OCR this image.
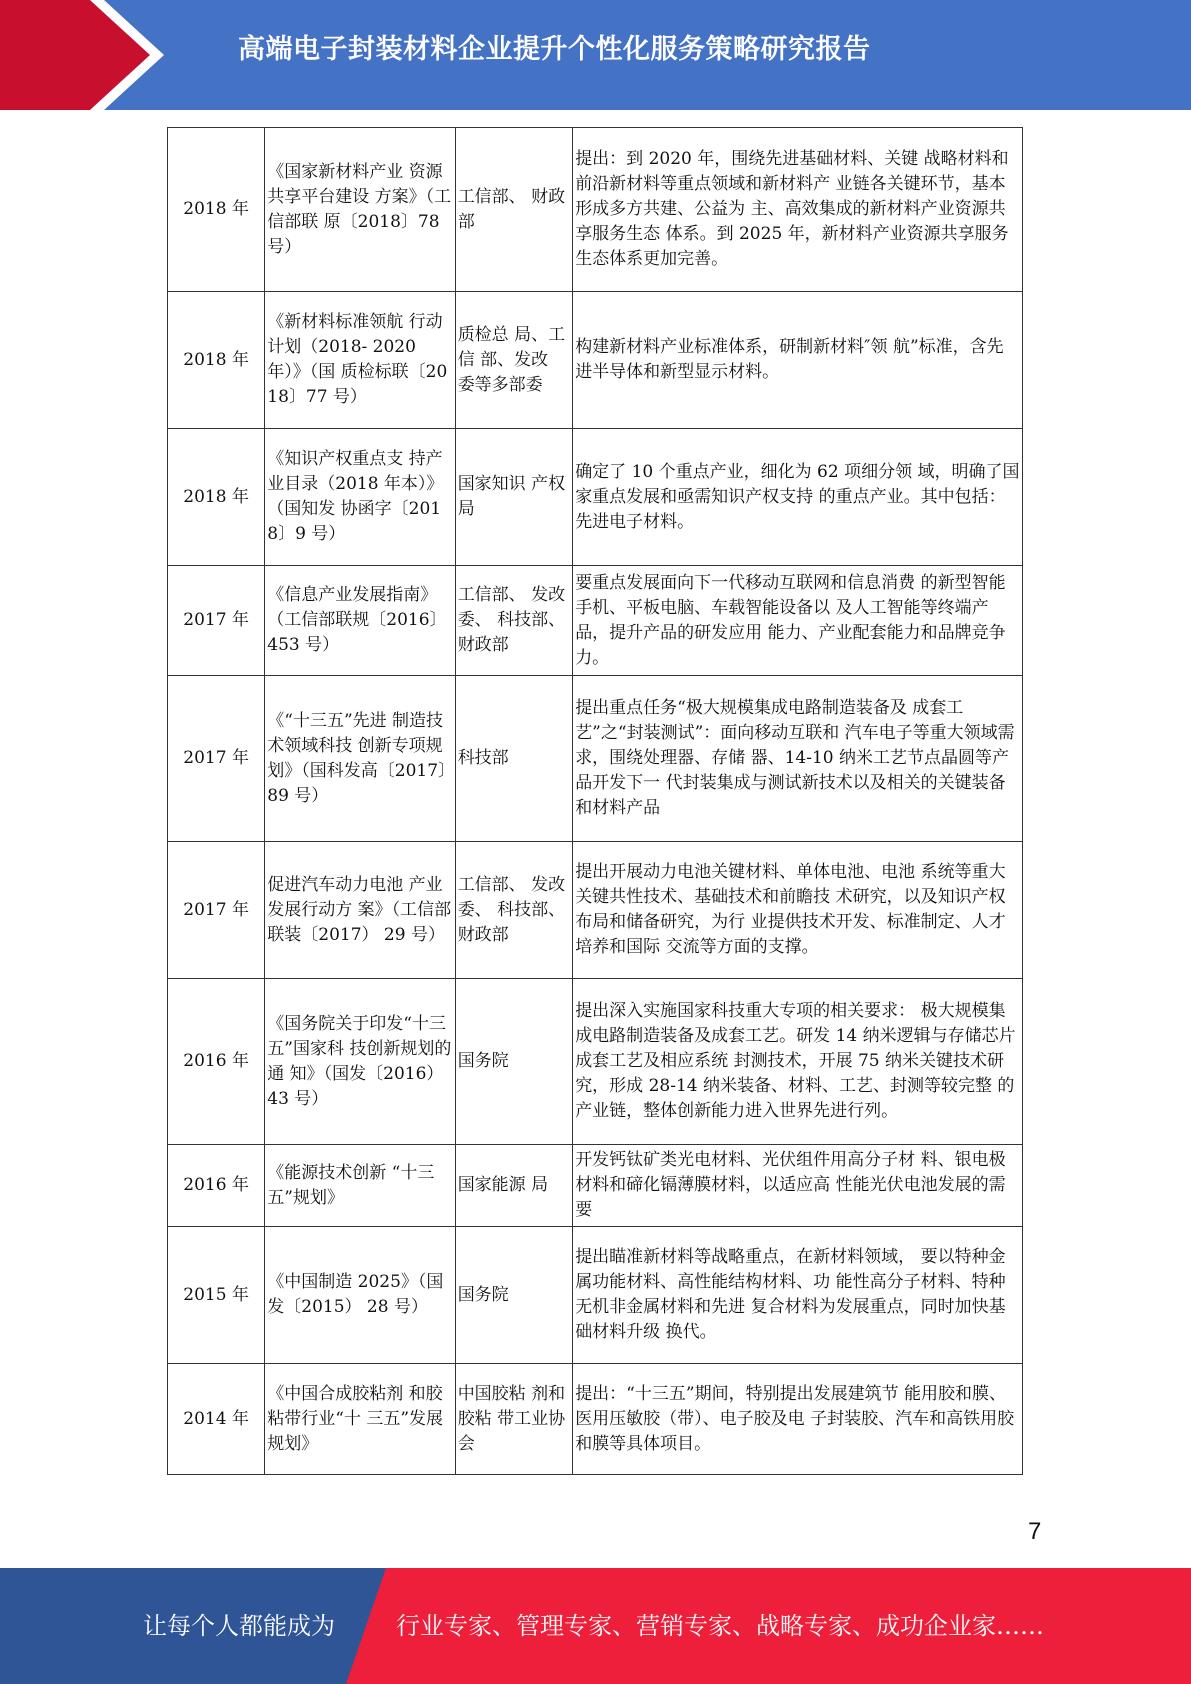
高端电子封装材料企业提升个性化服务策略研究报告
2018 年	《国家新材料产业 资源共享平台建设 方案》（工信部联 原〔2018〕78 号）	工信部、 财政部	提出：到 2020 年，围绕先进基础材料、关键 战略材料和前沿新材料等重点领域和新材料产 业链各关键环节，基本形成多方共建、公益为 主、高效集成的新材料产业资源共享服务生态 体系。到 2025 年，新材料产业资源共享服务 生态体系更加完善。
2018 年	《新材料标准领航 行动计划（2018- 2020 年）》（国 质检标联〔2018〕77 号）	质检总 局、工信 部、发改 委等多部委	构建新材料产业标准体系，研制新材料″领 航”标准，含先进半导体和新型显示材料。
2018 年	《知识产权重点支 持产业目录（2018 年本）》（国知发 协函字〔2018〕9 号）	国家知识 产权局	确定了 10 个重点产业，细化为 62 项细分领 域，明确了国家重点发展和亟需知识产权支持 的重点产业。其中包括：先进电子材料。
2017 年	《信息产业发展指南》（工信部联规〔2016〕 453 号）	工信部、 发改委、 科技部、 财政部	要重点发展面向下一代移动互联网和信息消费 的新型智能手机、平板电脑、车载智能设备以 及人工智能等终端产品，提升产品的研发应用 能力、产业配套能力和品牌竞争力。
2017 年	《“十三五”先进 制造技术领域科技 创新专项规划》（国科发高〔2017〕89 号）	科技部	提出重点任务“极大规模集成电路制造装备及 成套工艺”之“封装测试”：面向移动互联和 汽车电子等重大领域需求，围绕处理器、存储 器、14-10 纳米工艺节点晶圆等产品开发下一 代封装集成与测试新技术以及相关的关键装备 和材料产品
2017 年	促进汽车动力电池 产业发展行动方 案》（工信部联装〔2017） 29 号）	工信部、 发改委、 科技部、 财政部	提出开展动力电池关键材料、单体电池、电池 系统等重大关键共性技术、基础技术和前瞻技 术研究，以及知识产权布局和储备研究，为行 业提供技术开发、标准制定、人才培养和国际 交流等方面的支撑。
2016 年	《国务院关于印发“十三五”国家科 技创新规划的通 知》（国发〔2016） 43 号）	国务院	提出深入实施国家科技重大专项的相关要求： 极大规模集成电路制造装备及成套工艺。研发 14 纳米逻辑与存储芯片成套工艺及相应系统 封测技术，开展 75 纳米关键技术研究，形成 28-14 纳米装备、材料、工艺、封测等较完整 的产业链，整体创新能力进入世界先进行列。
2016 年	《能源技术创新 “十三五”规划》	国家能源 局	开发钙钛矿类光电材料、光伏组件用高分子材 料、银电极材料和碲化镉薄膜材料，以适应高 性能光伏电池发展的需要
2015 年	《中国制造 2025》（国发〔2015） 28 号）	国务院	提出瞄准新材料等战略重点，在新材料领域， 要以特种金属功能材料、高性能结构材料、功 能性高分子材料、特种无机非金属材料和先进 复合材料为发展重点，同时加快基础材料升级 换代。
2014 年	《中国合成胶粘剂 和胶粘带行业“十 三五”发展规划》	中国胶粘 剂和胶粘 带工业协 会	提出：“十三五”期间，特别提出发展建筑节 能用胶和膜、医用压敏胶（带）、电子胶及电 子封装胶、汽车和高铁用胶和膜等具体项目。
7
让每个人都能成为	行业专家、管理专家、营销专家、战略专家、成功企业家……
